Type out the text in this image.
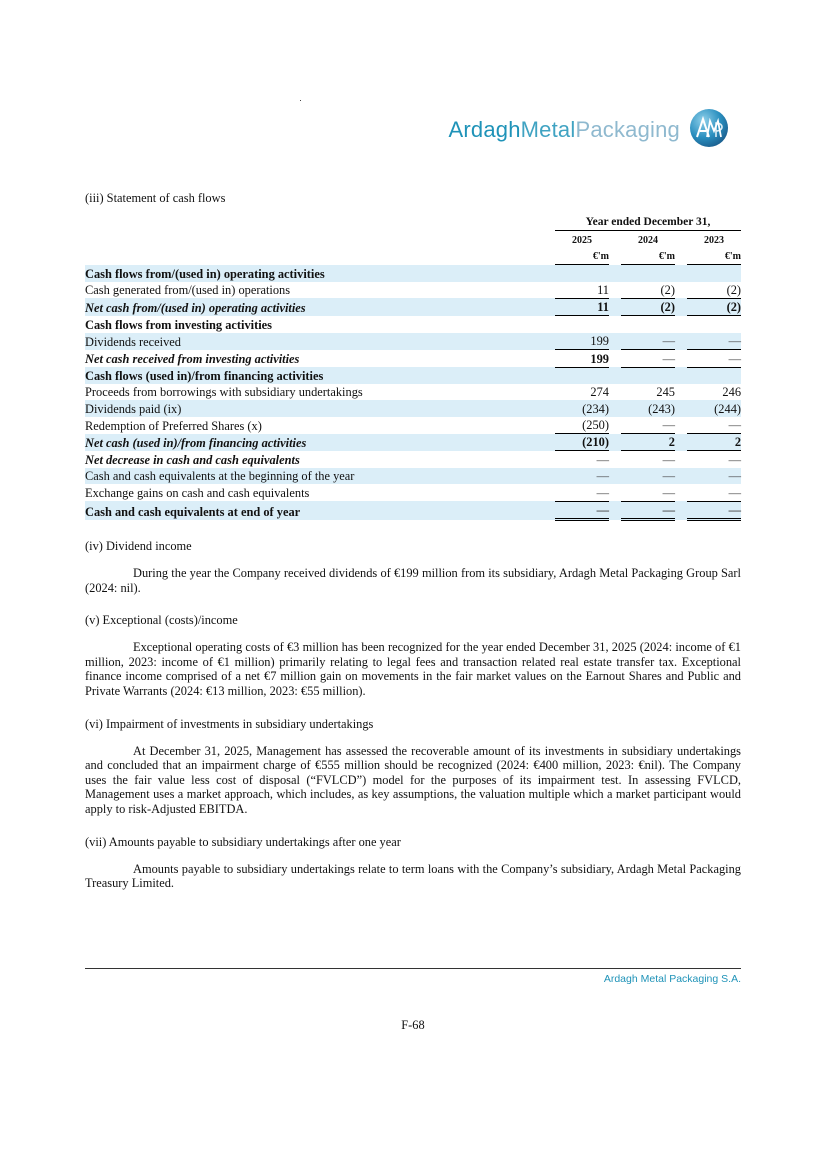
ArdaghMetalPackaging

(iii) Statement of cash flows

		Year ended December 31,				
		2025		2024		2023
		€'m		€'m		€'m
Cash flows from/(used in) operating activities						
Cash generated from/(used in) operations		11		(2)		(2)
Net cash from/(used in) operating activities		11		(2)		(2)
Cash flows from investing activities						
Dividends received		199		—		—
Net cash received from investing activities		199		—		—
Cash flows (used in)/from financing activities						
Proceeds from borrowings with subsidiary undertakings		274		245		246
Dividends paid (ix)		(234)		(243)		(244)
Redemption of Preferred Shares (x)		(250)		—		—
Net cash (used in)/from financing activities		(210)		2		2
Net decrease in cash and cash equivalents		—		—		—
Cash and cash equivalents at the beginning of the year		—		—		—
Exchange gains on cash and cash equivalents		—		—		—
Cash and cash equivalents at end of year		—		—		—

(iv) Dividend income

During the year the Company received dividends of €199 million from its subsidiary, Ardagh Metal Packaging Group Sarl (2024: nil).

(v) Exceptional (costs)/income

Exceptional operating costs of €3 million has been recognized for the year ended December 31, 2025 (2024: income of €1 million, 2023: income of €1 million) primarily relating to legal fees and transaction related real estate transfer tax. Exceptional finance income comprised of a net €7 million gain on movements in the fair market values on the Earnout Shares and Public and Private Warrants (2024: €13 million, 2023: €55 million).

(vi) Impairment of investments in subsidiary undertakings

At December 31, 2025, Management has assessed the recoverable amount of its investments in subsidiary undertakings and concluded that an impairment charge of €555 million should be recognized (2024: €400 million, 2023: €nil). The Company uses the fair value less cost of disposal (“FVLCD”) model for the purposes of its impairment test. In assessing FVLCD, Management uses a market approach, which includes, as key assumptions, the valuation multiple which a market participant would apply to risk-Adjusted EBITDA.

(vii) Amounts payable to subsidiary undertakings after one year

Amounts payable to subsidiary undertakings relate to term loans with the Company’s subsidiary, Ardagh Metal Packaging Treasury Limited.

Ardagh Metal Packaging S.A.
F-68
